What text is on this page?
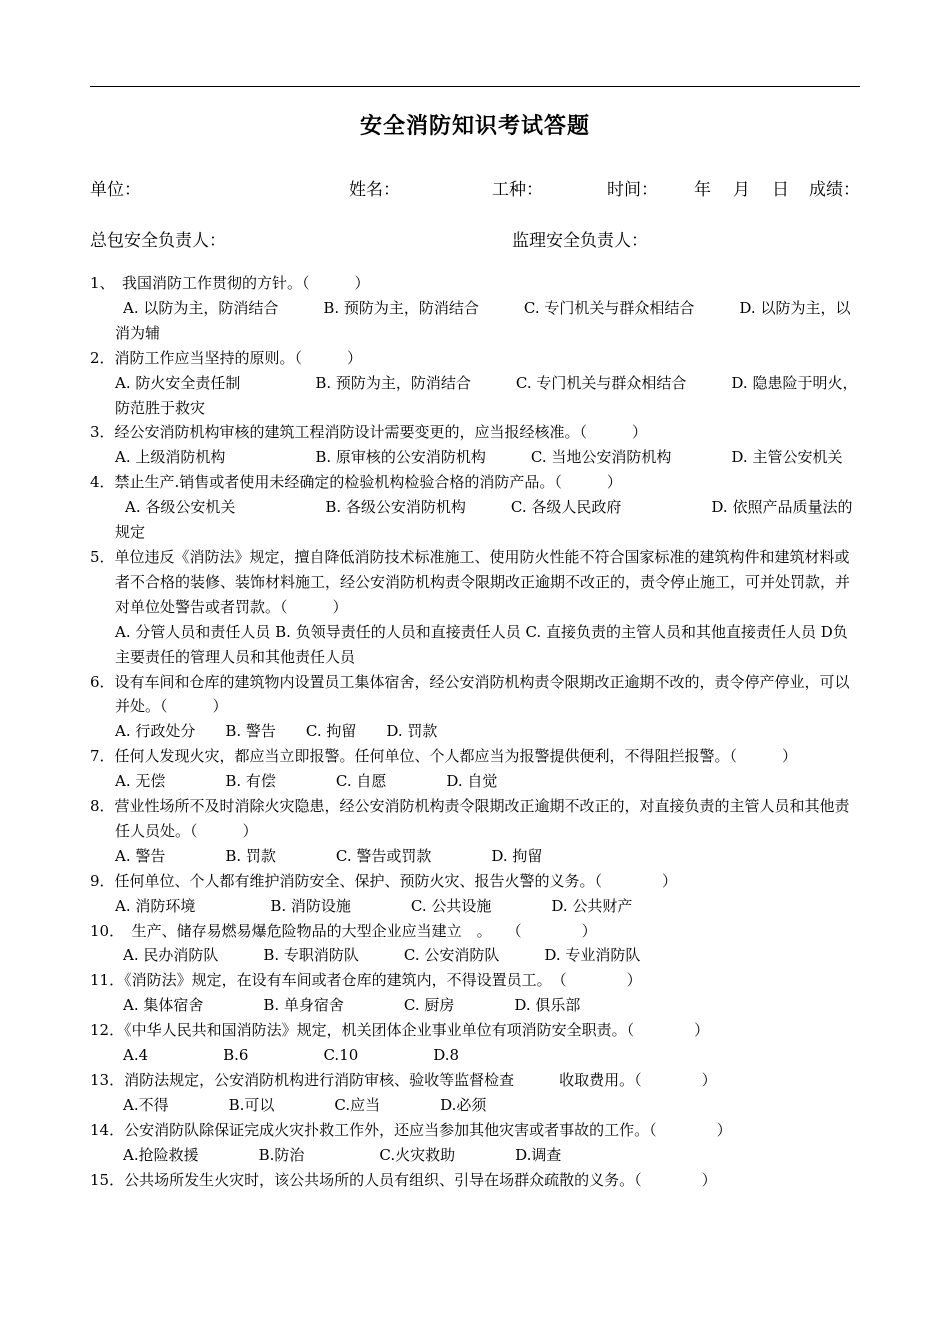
安全消防知识考试答题
单位：	姓名：	工种：	时间： 年 月 日 成绩：
总包安全负责人：	监理安全负责人：
1、　我国消防工作贯彻的方针。（　　　）
A. 以防为主，防消结合　　　B. 预防为主，防消结合　　　C. 专门机关与群众相结合　　　D. 以防为主，以消为辅
2．消防工作应当坚持的原则。（　　　）
A. 防火安全责任制　　　　　B. 预防为主，防消结合　　　C. 专门机关与群众相结合　　　D. 隐患险于明火，防范胜于救灾
3．经公安消防机构审核的建筑工程消防设计需要变更的，应当报经核准。（　　　）
A. 上级消防机构　　　　　　B. 原审核的公安消防机构　　　C. 当地公安消防机构　　　　D. 主管公安机关
4．禁止生产.销售或者使用未经确定的检验机构检验合格的消防产品。（　　　）
A. 各级公安机关　　　　　　B. 各级公安消防机构　　　C. 各级人民政府　　　　　　D. 依照产品质量法的规定
5．单位违反《消防法》规定，擅自降低消防技术标准施工、使用防火性能不符合国家标准的建筑构件和建筑材料或者不合格的装修、装饰材料施工，经公安消防机构责令限期改正逾期不改正的，责令停止施工，可并处罚款，并对单位处警告或者罚款。（　　　）
A. 分管人员和责任人员 B. 负领导责任的人员和直接责任人员 C. 直接负责的主管人员和其他直接责任人员 D负主要责任的管理人员和其他责任人员
6．设有车间和仓库的建筑物内设置员工集体宿舍，经公安消防机构责令限期改正逾期不改的，责令停产停业，可以并处。（　　　）
A. 行政处分　　B. 警告　　C. 拘留　　D. 罚款
7．任何人发现火灾，都应当立即报警。任何单位、个人都应当为报警提供便利，不得阻拦报警。（　　　）
A. 无偿　　　　B. 有偿　　　　C. 自愿　　　　D. 自觉
8．营业性场所不及时消除火灾隐患，经公安消防机构责令限期改正逾期不改正的，对直接负责的主管人员和其他责任人员处。（　　　）
A. 警告　　　　B. 罚款　　　　C. 警告或罚款　　　　D. 拘留
9．任何单位、个人都有维护消防安全、保护、预防火灾、报告火警的义务。（　　　　）
A. 消防环境　　　　　B. 消防设施　　　　C. 公共设施　　　　D. 公共财产
10．　生产、储存易燃易爆危险物品的大型企业应当建立　。　　（　　　　）
A. 民办消防队　　　B. 专职消防队　　　C. 公安消防队　　　D. 专业消防队
11．《消防法》规定，在设有车间或者仓库的建筑内，不得设置员工。　（　　　　）
A. 集体宿舍　　　　B. 单身宿舍　　　　C. 厨房　　　　D. 俱乐部
12．《中华人民共和国消防法》规定，机关团体企业事业单位有项消防安全职责。（　　　　）
A.4　　　　　B.6　　　　　C.10　　　　　D.8
13．消防法规定，公安消防机构进行消防审核、验收等监督检查　　　收取费用。（　　　　）
A.不得　　　　B.可以　　　　C.应当　　　　D.必须
14．公安消防队除保证完成火灾扑救工作外，还应当参加其他灾害或者事故的工作。（　　　　）
A.抢险救援　　　　B.防治　　　　　C.火灾救助　　　　D.调查
15．公共场所发生火灾时，该公共场所的人员有组织、引导在场群众疏散的义务。（　　　　）
